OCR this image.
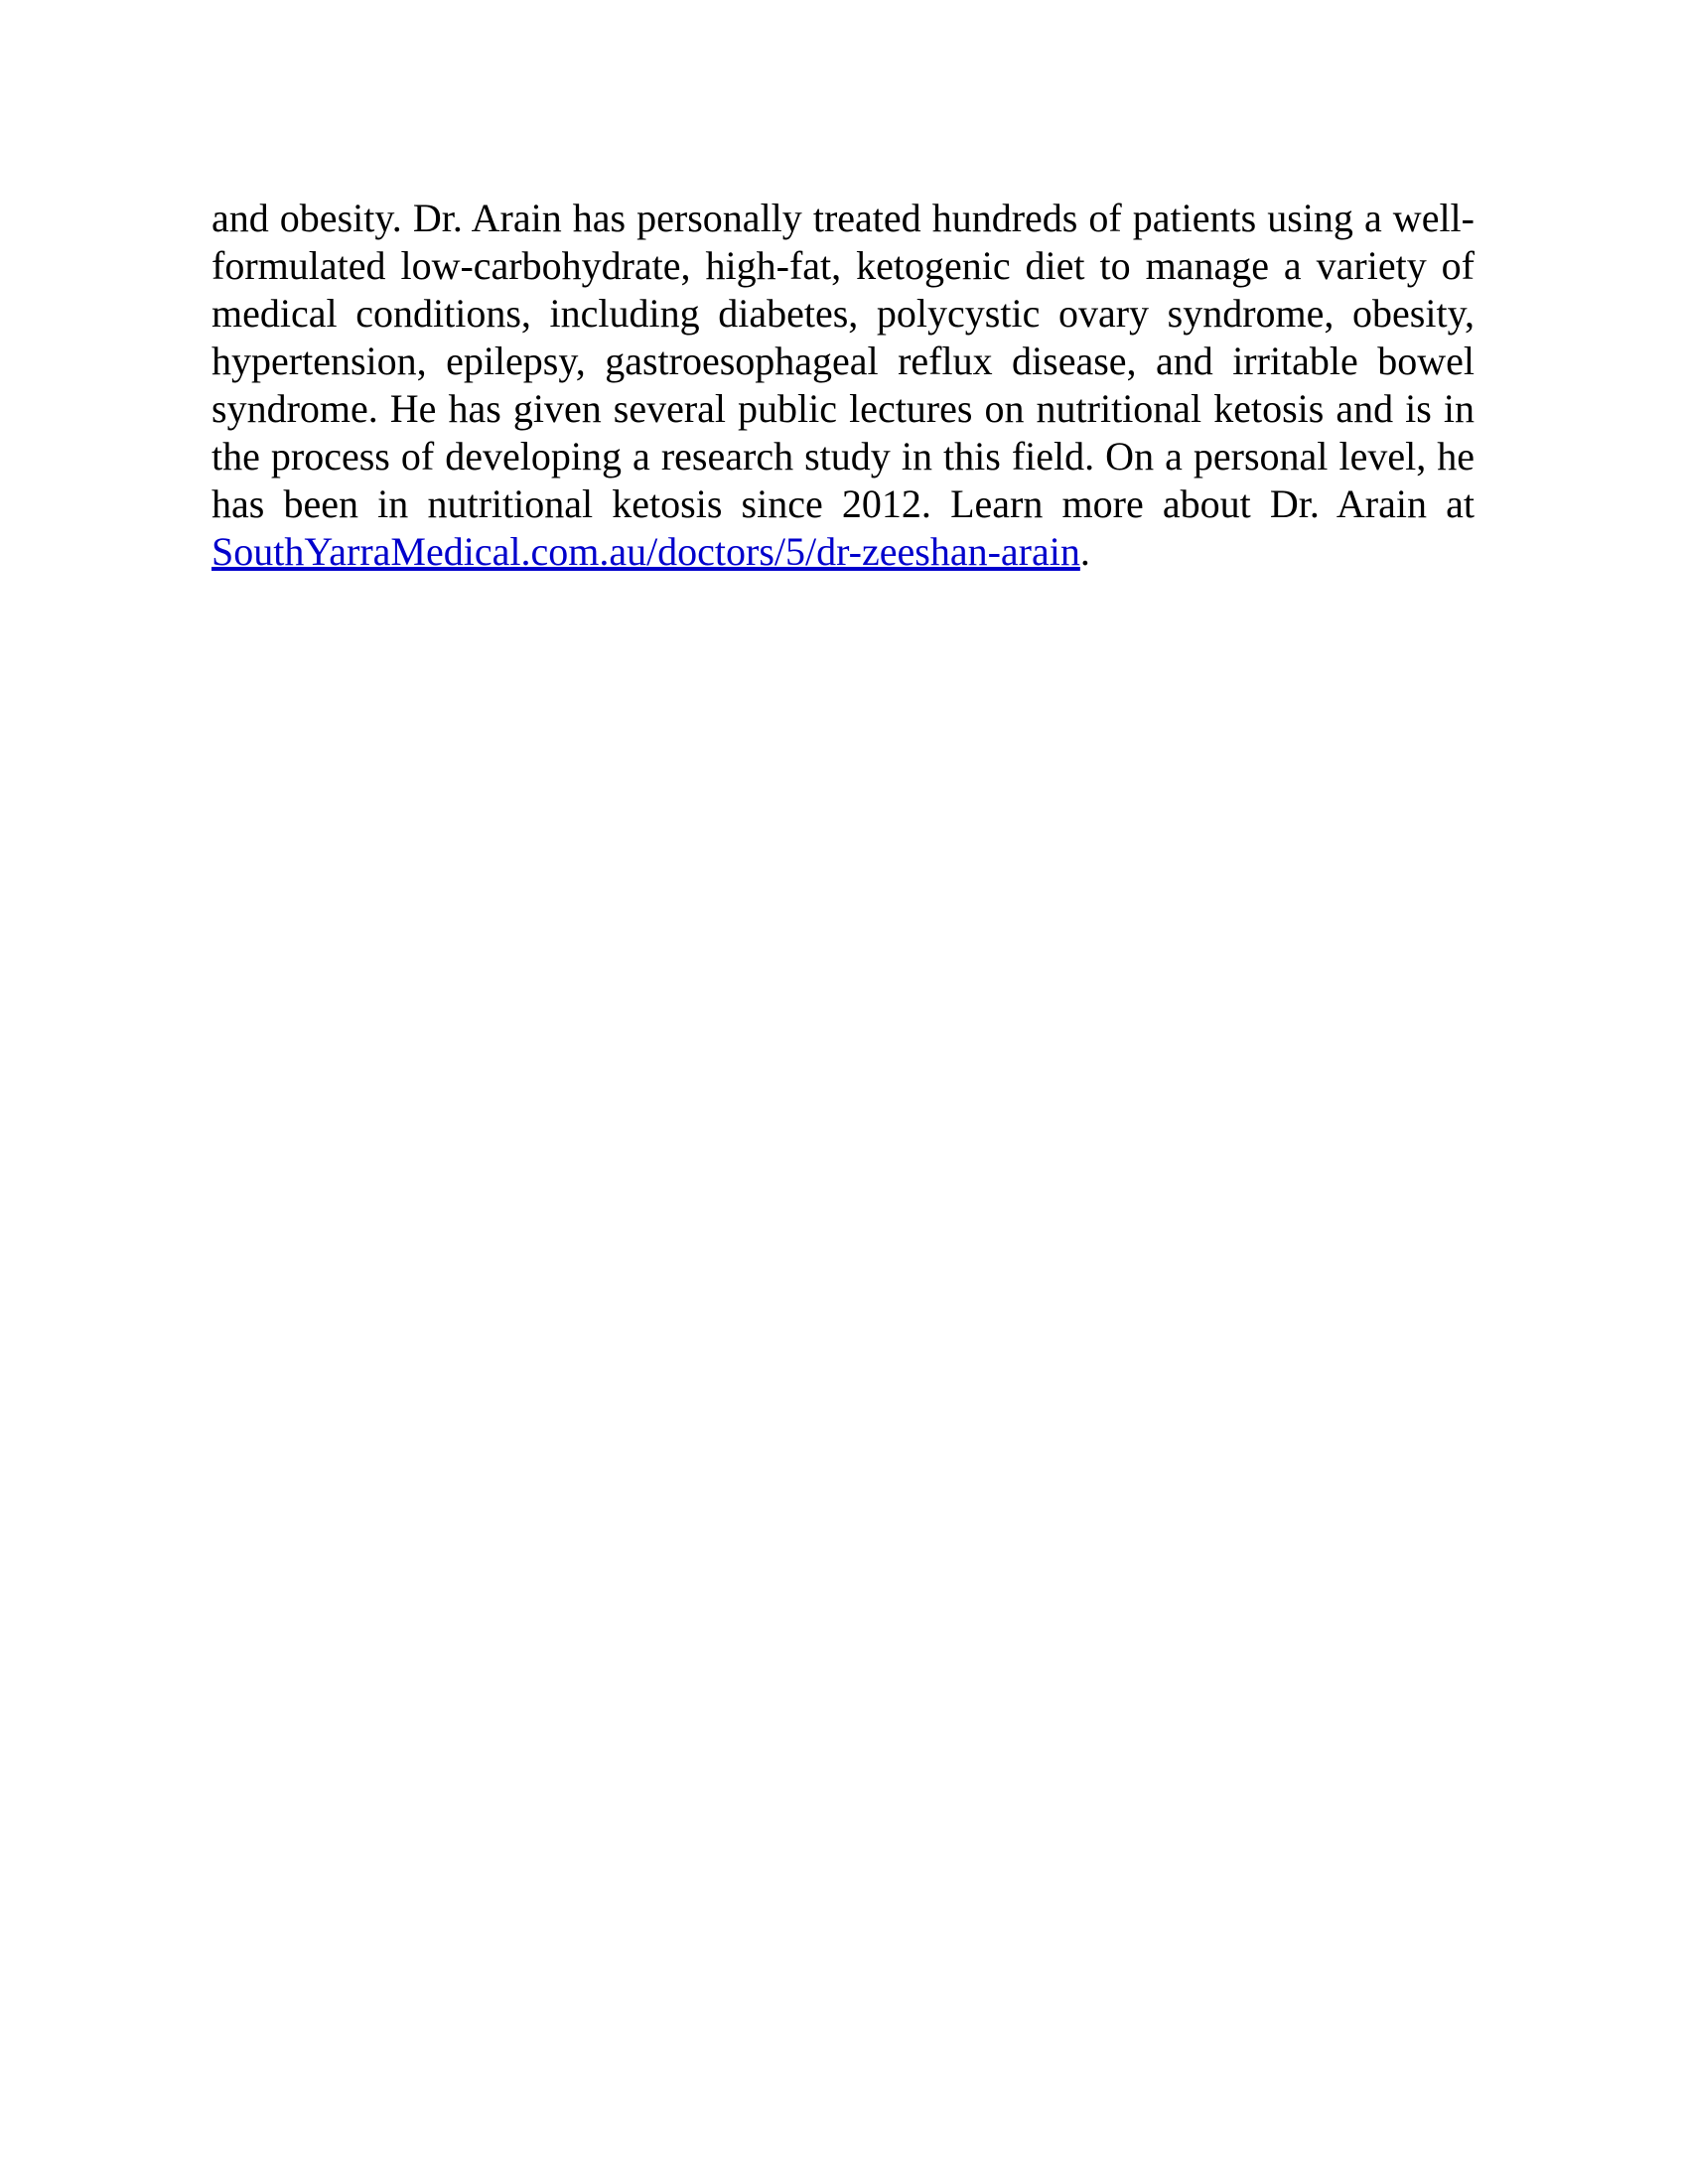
and obesity. Dr. Arain has personally treated hundreds of patients using a well-formulated low-carbohydrate, high-fat, ketogenic diet to manage a variety of medical conditions, including diabetes, polycystic ovary syndrome, obesity, hypertension, epilepsy, gastroesophageal reflux disease, and irritable bowel syndrome. He has given several public lectures on nutritional ketosis and is in the process of developing a research study in this field. On a personal level, he has been in nutritional ketosis since 2012. Learn more about Dr. Arain at SouthYarraMedical.com.au/doctors/5/dr-zeeshan-arain.
